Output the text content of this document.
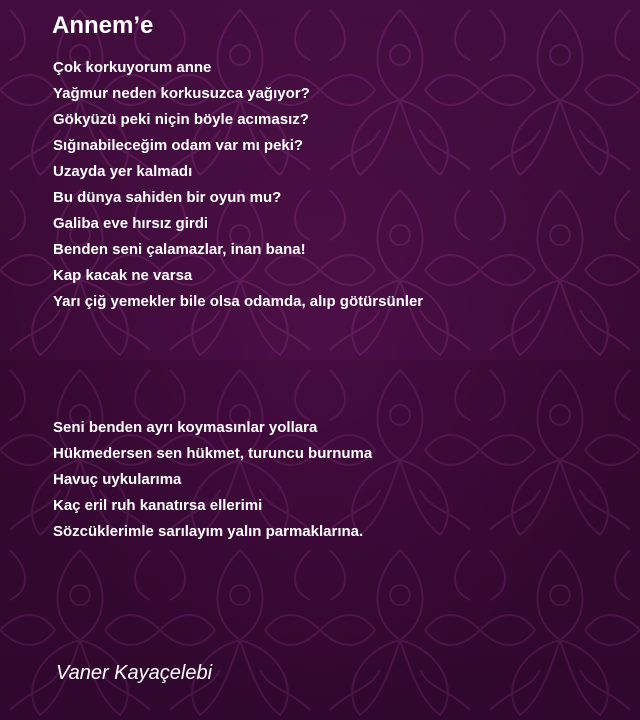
Annem’e
Çok korkuyorum anne
Yağmur neden korkusuzca yağıyor?
Gökyüzü peki niçin böyle acımasız?
Sığınabileceğim odam var mı peki?
Uzayda yer kalmadı
Bu dünya sahiden bir oyun mu?
Galiba eve hırsız girdi
Benden seni çalamazlar, inan bana!
Kap kacak ne varsa
Yarı çiğ yemekler bile olsa odamda, alıp götürsünler
Seni benden ayrı koymasınlar yollara
Hükmedersen sen hükmet, turuncu burnuma
Havuç uykularıma
Kaç eril ruh kanatırsa ellerimi
Sözcüklerimle sarılayım yalın parmaklarına.
Vaner Kayaçelebi
